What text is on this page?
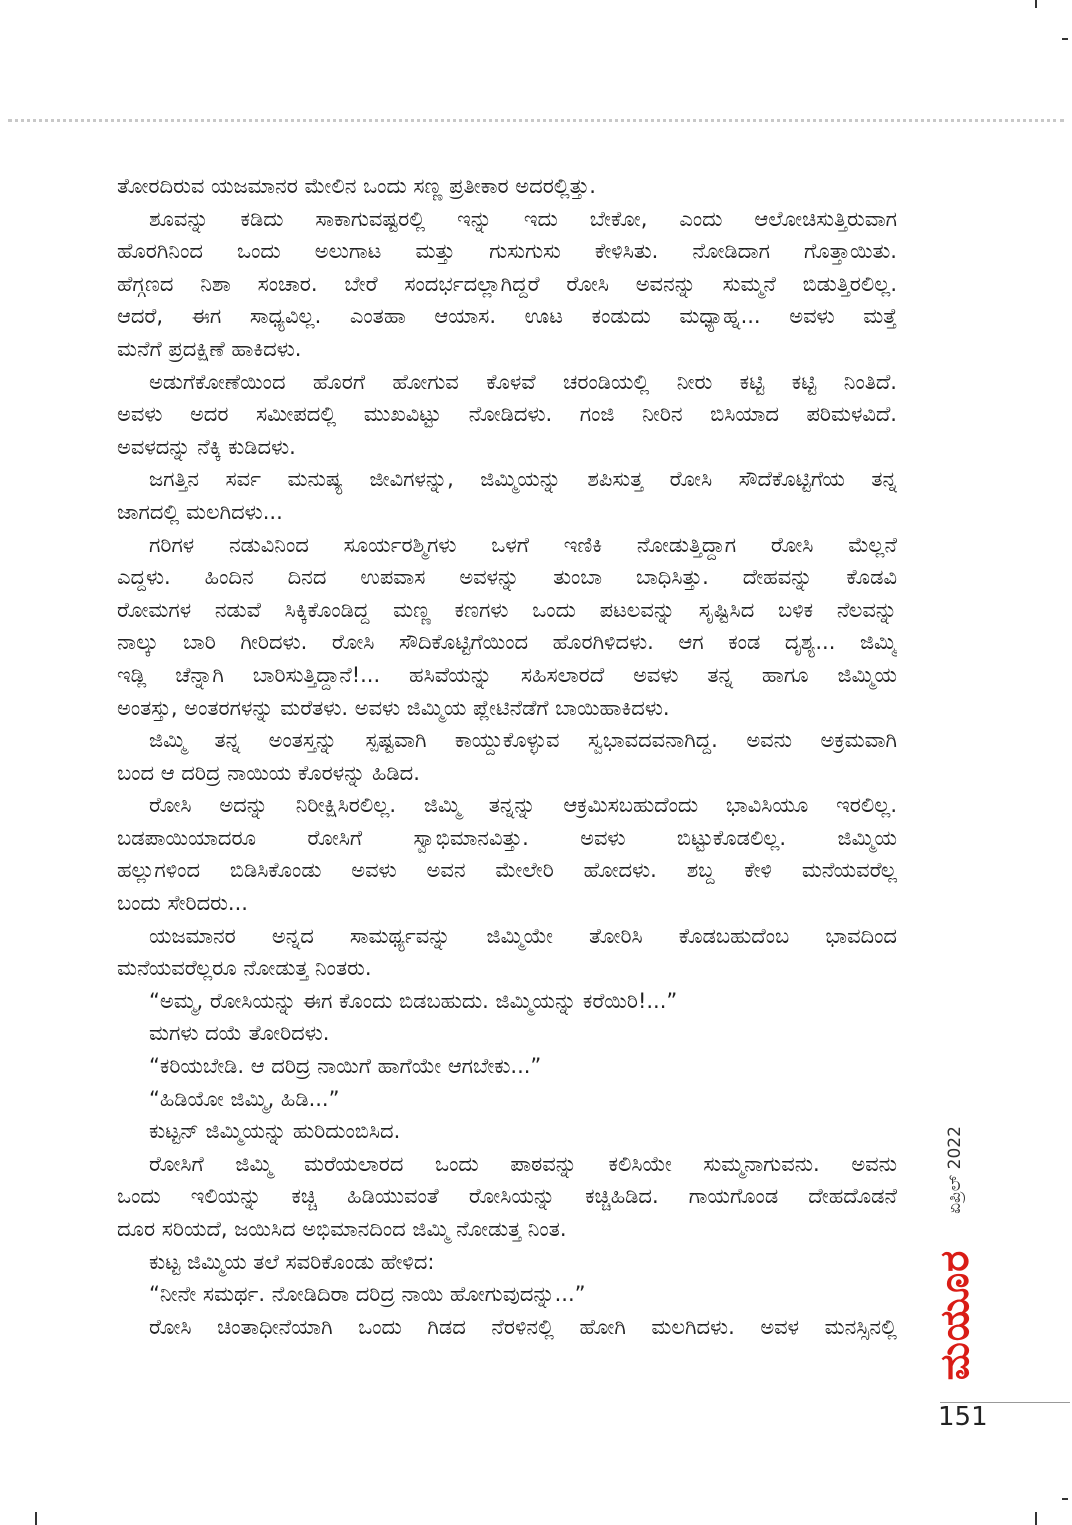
ತೋರದಿರುವ ಯಜಮಾನರ ಮೇಲಿನ ಒಂದು ಸಣ್ಣ ಪ್ರತೀಕಾರ ಅದರಲ್ಲಿತ್ತು.
ಶೂವನ್ನು ಕಡಿದು ಸಾಕಾಗುವಷ್ಟರಲ್ಲಿ ಇನ್ನು ಇದು ಬೇಕೋ, ಎಂದು ಆಲೋಚಿಸುತ್ತಿರುವಾಗ
ಹೊರಗಿನಿಂದ ಒಂದು ಅಲುಗಾಟ ಮತ್ತು ಗುಸುಗುಸು ಕೇಳಿಸಿತು. ನೋಡಿದಾಗ ಗೊತ್ತಾಯಿತು.
ಹೆಗ್ಗಣದ ನಿಶಾ ಸಂಚಾರ. ಬೇರೆ ಸಂದರ್ಭದಲ್ಲಾಗಿದ್ದರೆ ರೋಸಿ ಅವನನ್ನು ಸುಮ್ಮನೆ ಬಿಡುತ್ತಿರಲಿಲ್ಲ.
ಆದರೆ, ಈಗ ಸಾಧ್ಯವಿಲ್ಲ. ಎಂತಹಾ ಆಯಾಸ. ಊಟ ಕಂಡುದು ಮಧ್ಯಾಹ್ನ... ಅವಳು ಮತ್ತೆ
ಮನೆಗೆ ಪ್ರದಕ್ಷಿಣೆ ಹಾಕಿದಳು.
ಅಡುಗೆಕೋಣೆಯಿಂದ ಹೊರಗೆ ಹೋಗುವ ಕೊಳವೆ ಚರಂಡಿಯಲ್ಲಿ ನೀರು ಕಟ್ಟಿ ಕಟ್ಟಿ ನಿಂತಿದೆ.
ಅವಳು ಅದರ ಸಮೀಪದಲ್ಲಿ ಮುಖವಿಟ್ಟು ನೋಡಿದಳು. ಗಂಜಿ ನೀರಿನ ಬಿಸಿಯಾದ ಪರಿಮಳವಿದೆ.
ಅವಳದನ್ನು ನೆಕ್ಕಿ ಕುಡಿದಳು.
ಜಗತ್ತಿನ ಸರ್ವ ಮನುಷ್ಯ ಜೀವಿಗಳನ್ನು, ಜಿಮ್ಮಿಯನ್ನು ಶಪಿಸುತ್ತ ರೋಸಿ ಸೌದೆಕೊಟ್ಟಿಗೆಯ ತನ್ನ
ಜಾಗದಲ್ಲಿ ಮಲಗಿದಳು...
ಗರಿಗಳ ನಡುವಿನಿಂದ ಸೂರ್ಯರಶ್ಮಿಗಳು ಒಳಗೆ ಇಣಿಕಿ ನೋಡುತ್ತಿದ್ದಾಗ ರೋಸಿ ಮೆಲ್ಲನೆ
ಎದ್ದಳು. ಹಿಂದಿನ ದಿನದ ಉಪವಾಸ ಅವಳನ್ನು ತುಂಬಾ ಬಾಧಿಸಿತ್ತು. ದೇಹವನ್ನು ಕೊಡವಿ
ರೋಮಗಳ ನಡುವೆ ಸಿಕ್ಕಿಕೊಂಡಿದ್ದ ಮಣ್ಣ ಕಣಗಳು ಒಂದು ಪಟಲವನ್ನು ಸೃಷ್ಟಿಸಿದ ಬಳಿಕ ನೆಲವನ್ನು
ನಾಲ್ಕು ಬಾರಿ ಗೀರಿದಳು. ರೋಸಿ ಸೌದಿಕೊಟ್ಟಿಗೆಯಿಂದ ಹೊರಗಿಳಿದಳು. ಆಗ ಕಂಡ ದೃಶ್ಯ... ಜಿಮ್ಮಿ
ಇಡ್ಲಿ ಚೆನ್ನಾಗಿ ಬಾರಿಸುತ್ತಿದ್ದಾನೆ!... ಹಸಿವೆಯನ್ನು ಸಹಿಸಲಾರದೆ ಅವಳು ತನ್ನ ಹಾಗೂ ಜಿಮ್ಮಿಯ
ಅಂತಸ್ತು, ಅಂತರಗಳನ್ನು ಮರೆತಳು. ಅವಳು ಜಿಮ್ಮಿಯ ಪ್ಲೇಟಿನೆಡೆಗೆ ಬಾಯಿಹಾಕಿದಳು.
ಜಿಮ್ಮಿ ತನ್ನ ಅಂತಸ್ತನ್ನು ಸ್ಪಷ್ಟವಾಗಿ ಕಾಯ್ದುಕೊಳ್ಳುವ ಸ್ವಭಾವದವನಾಗಿದ್ದ. ಅವನು ಅಕ್ರಮವಾಗಿ
ಬಂದ ಆ ದರಿದ್ರ ನಾಯಿಯ ಕೊರಳನ್ನು ಹಿಡಿದ.
ರೋಸಿ ಅದನ್ನು ನಿರೀಕ್ಷಿಸಿರಲಿಲ್ಲ. ಜಿಮ್ಮಿ ತನ್ನನ್ನು ಆಕ್ರಮಿಸಬಹುದೆಂದು ಭಾವಿಸಿಯೂ ಇರಲಿಲ್ಲ.
ಬಡಪಾಯಿಯಾದರೂ ರೋಸಿಗೆ ಸ್ವಾಭಿಮಾನವಿತ್ತು. ಅವಳು ಬಿಟ್ಟುಕೊಡಲಿಲ್ಲ. ಜಿಮ್ಮಿಯ
ಹಲ್ಲುಗಳಿಂದ ಬಿಡಿಸಿಕೊಂಡು ಅವಳು ಅವನ ಮೇಲೇರಿ ಹೋದಳು. ಶಬ್ದ ಕೇಳಿ ಮನೆಯವರೆಲ್ಲ
ಬಂದು ಸೇರಿದರು...
ಯಜಮಾನರ ಅನ್ನದ ಸಾಮರ್ಥ್ಯವನ್ನು ಜಿಮ್ಮಿಯೇ ತೋರಿಸಿ ಕೊಡಬಹುದೆಂಬ ಭಾವದಿಂದ
ಮನೆಯವರೆಲ್ಲರೂ ನೋಡುತ್ತ ನಿಂತರು.
“ಅಮ್ಮ, ರೋಸಿಯನ್ನು ಈಗ ಕೊಂದು ಬಿಡಬಹುದು. ಜಿಮ್ಮಿಯನ್ನು ಕರೆಯಿರಿ!...”
ಮಗಳು ದಯೆ ತೋರಿದಳು.
“ಕರಿಯಬೇಡಿ. ಆ ದರಿದ್ರ ನಾಯಿಗೆ ಹಾಗೆಯೇ ಆಗಬೇಕು...”
“ಹಿಡಿಯೋ ಜಿಮ್ಮಿ, ಹಿಡಿ...”
ಕುಟ್ಟನ್ ಜಿಮ್ಮಿಯನ್ನು ಹುರಿದುಂಬಿಸಿದ.
ರೋಸಿಗೆ ಜಿಮ್ಮಿ ಮರೆಯಲಾರದ ಒಂದು ಪಾಠವನ್ನು ಕಲಿಸಿಯೇ ಸುಮ್ಮನಾಗುವನು. ಅವನು
ಒಂದು ಇಲಿಯನ್ನು ಕಚ್ಚಿ ಹಿಡಿಯುವಂತೆ ರೋಸಿಯನ್ನು ಕಚ್ಚಿಹಿಡಿದ. ಗಾಯಗೊಂಡ ದೇಹದೊಡನೆ
ದೂರ ಸರಿಯದೆ, ಜಯಿಸಿದ ಅಭಿಮಾನದಿಂದ ಜಿಮ್ಮಿ ನೋಡುತ್ತ ನಿಂತ.
ಕುಟ್ಟ ಜಿಮ್ಮಿಯ ತಲೆ ಸವರಿಕೊಂಡು ಹೇಳಿದ:
“ನೀನೇ ಸಮರ್ಥ. ನೋಡಿದಿರಾ ದರಿದ್ರ ನಾಯಿ ಹೋಗುವುದನ್ನು...”
ರೋಸಿ ಚಿಂತಾಧೀನೆಯಾಗಿ ಒಂದು ಗಿಡದ ನೆರಳಿನಲ್ಲಿ ಹೋಗಿ ಮಲಗಿದಳು. ಅವಳ ಮನಸ್ಸಿನಲ್ಲಿ
ಏಪ್ರಿಲ್ 2022
ಮಯೂರ
151
